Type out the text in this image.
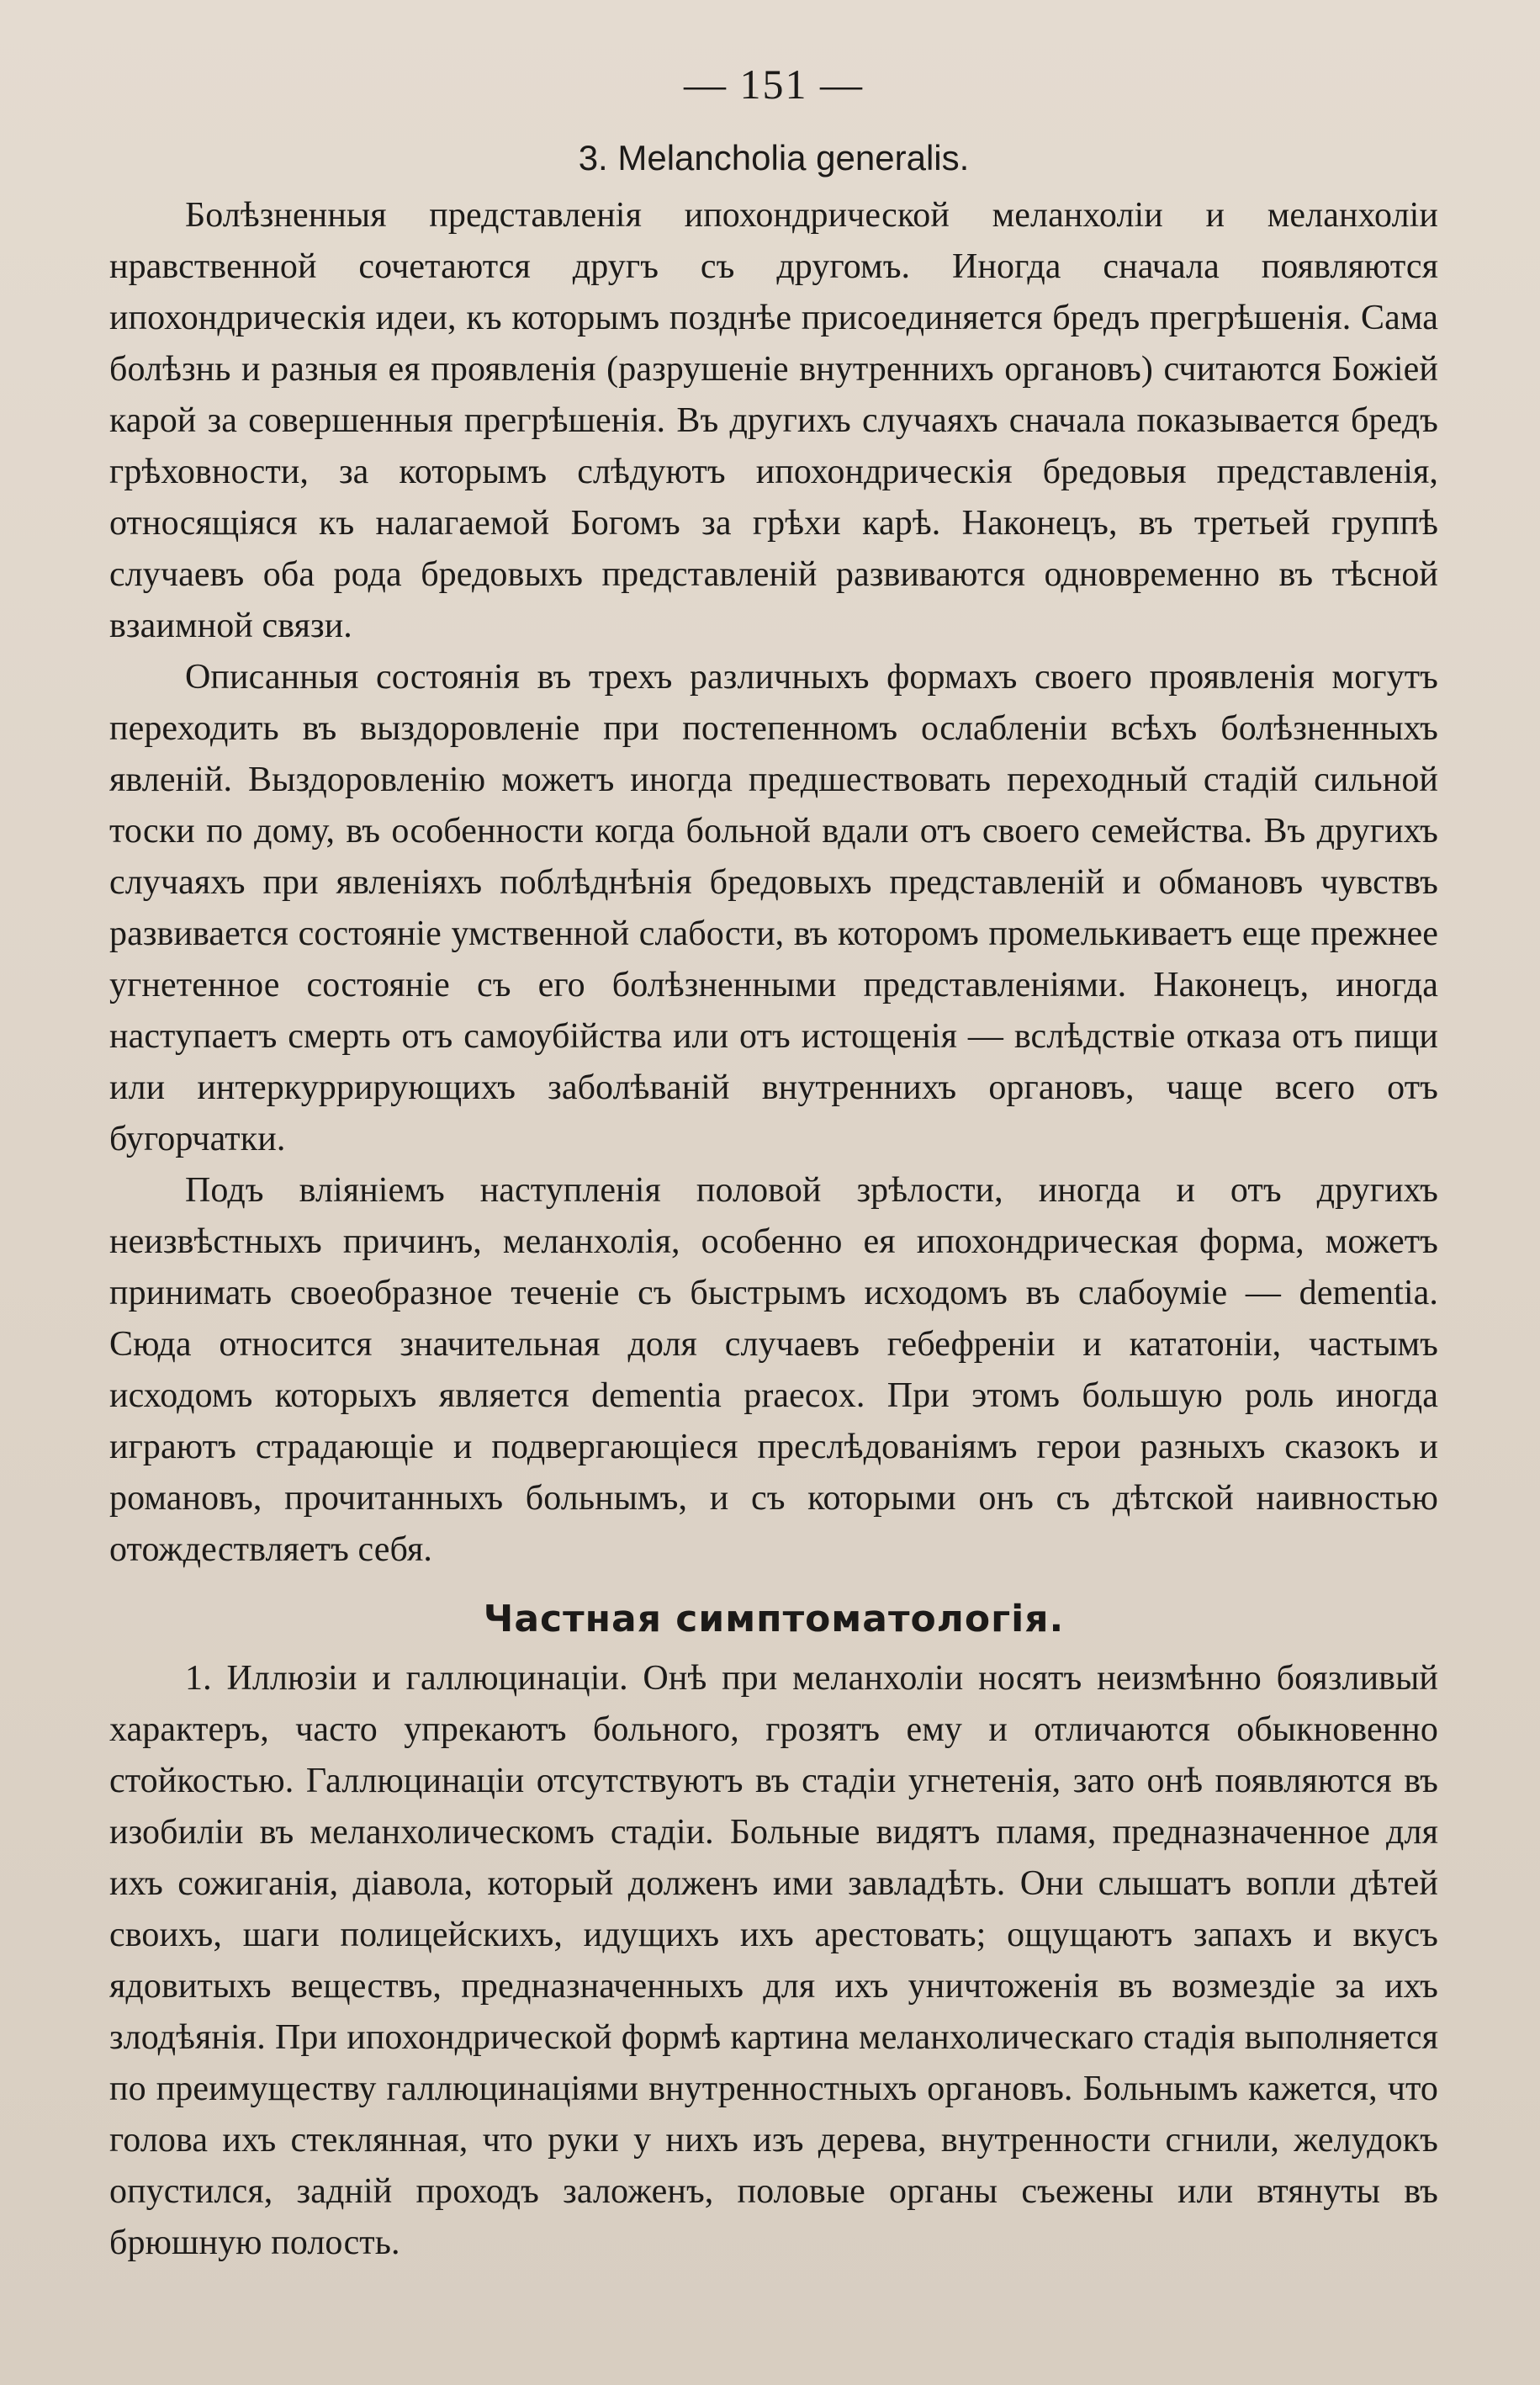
— 151 —
3. Melancholia generalis.

Болѣзненныя представленія ипохондрической меланхоліи и меланхоліи нравственной сочетаются другъ съ другомъ. Иногда сначала появляются ипохондрическія идеи, къ которымъ позднѣе присоединяется бредъ прегрѣшенія. Сама болѣзнь и разныя ея проявленія (разрушеніе внутреннихъ органовъ) считаются Божіей карой за совершенныя прегрѣшенія. Въ другихъ случаяхъ сначала показывается бредъ грѣховности, за которымъ слѣдуютъ ипохондрическія бредовыя представленія, относящіяся къ налагаемой Богомъ за грѣхи карѣ. Наконецъ, въ третьей группѣ случаевъ оба рода бредовыхъ представленій развиваются одновременно въ тѣсной взаимной связи.

Описанныя состоянія въ трехъ различныхъ формахъ своего проявленія могутъ переходить въ выздоровленіе при постепенномъ ослабленіи всѣхъ болѣзненныхъ явленій. Выздоровленію можетъ иногда предшествовать переходный стадій сильной тоски по дому, въ особенности когда больной вдали отъ своего семейства. Въ другихъ случаяхъ при явленіяхъ поблѣднѣнія бредовыхъ представленій и обмановъ чувствъ развивается состояніе умственной слабости, въ которомъ промелькиваетъ еще прежнее угнетенное состояніе съ его болѣзненными представленіями. Наконецъ, иногда наступаетъ смерть отъ самоубійства или отъ истощенія — вслѣдствіе отказа отъ пищи или интеркуррирующихъ заболѣваній внутреннихъ органовъ, чаще всего отъ бугорчатки.

Подъ вліяніемъ наступленія половой зрѣлости, иногда и отъ другихъ неизвѣстныхъ причинъ, меланхолія, особенно ея ипохондрическая форма, можетъ принимать своеобразное теченіе съ быстрымъ исходомъ въ слабоуміе — dementia. Сюда относится значительная доля случаевъ гебефреніи и кататоніи, частымъ исходомъ которыхъ является dementia praecox. При этомъ большую роль иногда играютъ страдающіе и подвергающіеся преслѣдованіямъ герои разныхъ сказокъ и романовъ, прочитанныхъ больнымъ, и съ которыми онъ съ дѣтской наивностью отождествляетъ себя.

Частная симптоматологія.

1. Иллюзіи и галлюцинаціи. Онѣ при меланхоліи носятъ неизмѣнно боязливый характеръ, часто упрекаютъ больного, грозятъ ему и отличаются обыкновенно стойкостью. Галлюцинаціи отсутствуютъ въ стадіи угнетенія, зато онѣ появляются въ изобиліи въ меланхолическомъ стадіи. Больные видятъ пламя, предназначенное для ихъ сожиганія, діавола, который долженъ ими завладѣть. Они слышатъ вопли дѣтей своихъ, шаги полицейскихъ, идущихъ ихъ арестовать; ощущаютъ запахъ и вкусъ ядовитыхъ веществъ, предназначенныхъ для ихъ уничтоженія въ возмездіе за ихъ злодѣянія. При ипохондрической формѣ картина меланхолическаго стадія выполняется по преимуществу галлюцинаціями внутренностныхъ органовъ. Больнымъ кажется, что голова ихъ стеклянная, что руки у нихъ изъ дерева, внутренности сгнили, желудокъ опустился, задній проходъ заложенъ, половые органы съежены или втянуты въ брюшную полость.
